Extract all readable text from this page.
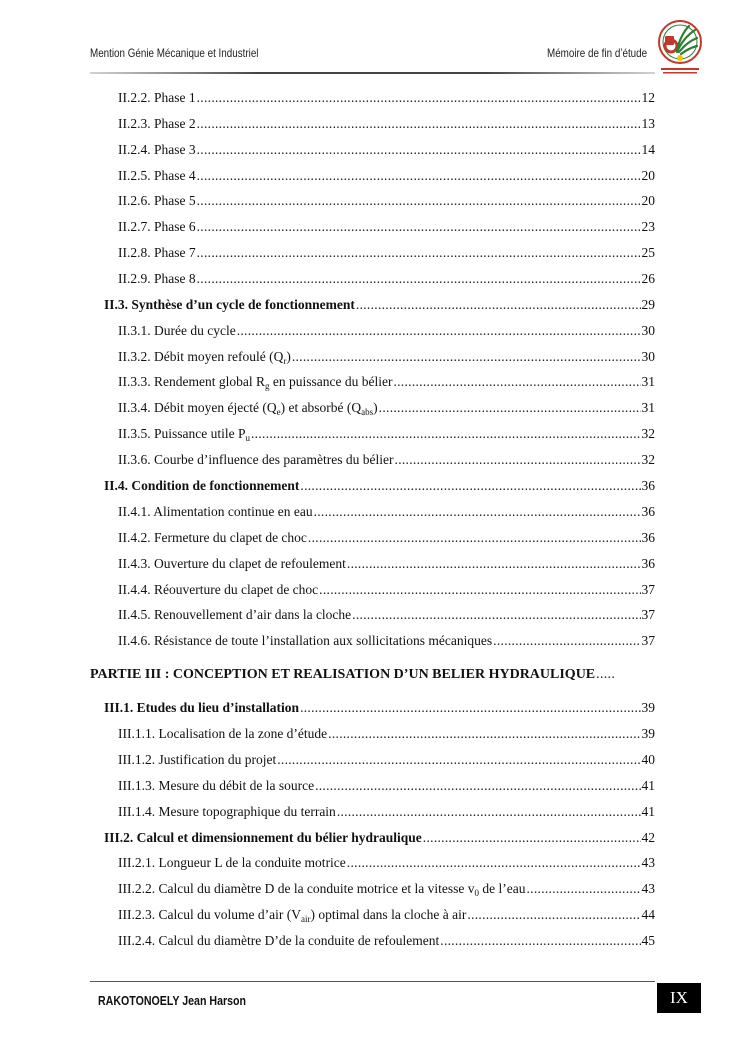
Mention Génie Mécanique et Industriel	Mémoire de fin d’étude
II.2.2. Phase 1 .....	12
II.2.3. Phase 2 .....	13
II.2.4. Phase 3 .....	14
II.2.5. Phase 4 .....	20
II.2.6. Phase 5 .....	20
II.2.7. Phase 6 .....	23
II.2.8. Phase 7 .....	25
II.2.9. Phase 8 .....	26
II.3. Synthèse d’un cycle de fonctionnement .....	29
II.3.1. Durée du cycle .....	30
II.3.2. Débit moyen refoulé $(Q_r)$ .....	30
II.3.3. Rendement global $R_g$ en puissance du bélier .....	31
II.3.4. Débit moyen éjecté $(Q_e)$ et absorbé $(Q_{abs})$ .....	31
II.3.5. Puissance utile $P_u$ .....	32
II.3.6. Courbe d’influence des paramètres du bélier .....	32
II.4. Condition de fonctionnement .....	36
II.4.1. Alimentation continue en eau .....	36
II.4.2. Fermeture du clapet de choc .....	36
II.4.3. Ouverture du clapet de refoulement .....	36
II.4.4. Réouverture du clapet de choc .....	37
II.4.5. Renouvellement d’air dans la cloche .....	37
II.4.6. Résistance de toute l’installation aux sollicitations mécaniques .....	37
PARTIE III : CONCEPTION ET REALISATION D’UN BELIER HYDRAULIQUE
.....
III.1. Etudes du lieu d’installation .....	39
III.1.1. Localisation de la zone d’étude .....	39
III.1.2. Justification du projet .....	40
III.1.3. Mesure du débit de la source .....	41
III.1.4. Mesure topographique du terrain .....	41
III.2. Calcul et dimensionnement du bélier hydraulique .....	42
III.2.1. Longueur L de la conduite motrice .....	43
III.2.2. Calcul du diamètre D de la conduite motrice et la vitesse $v_0$ de l’eau .....	43
III.2.3. Calcul du volume d’air $(V_{air})$ optimal dans la cloche à air .....	44
III.2.4. Calcul du diamètre D’de la conduite de refoulement .....	45
RAKOTONOELY Jean Harson	IX
